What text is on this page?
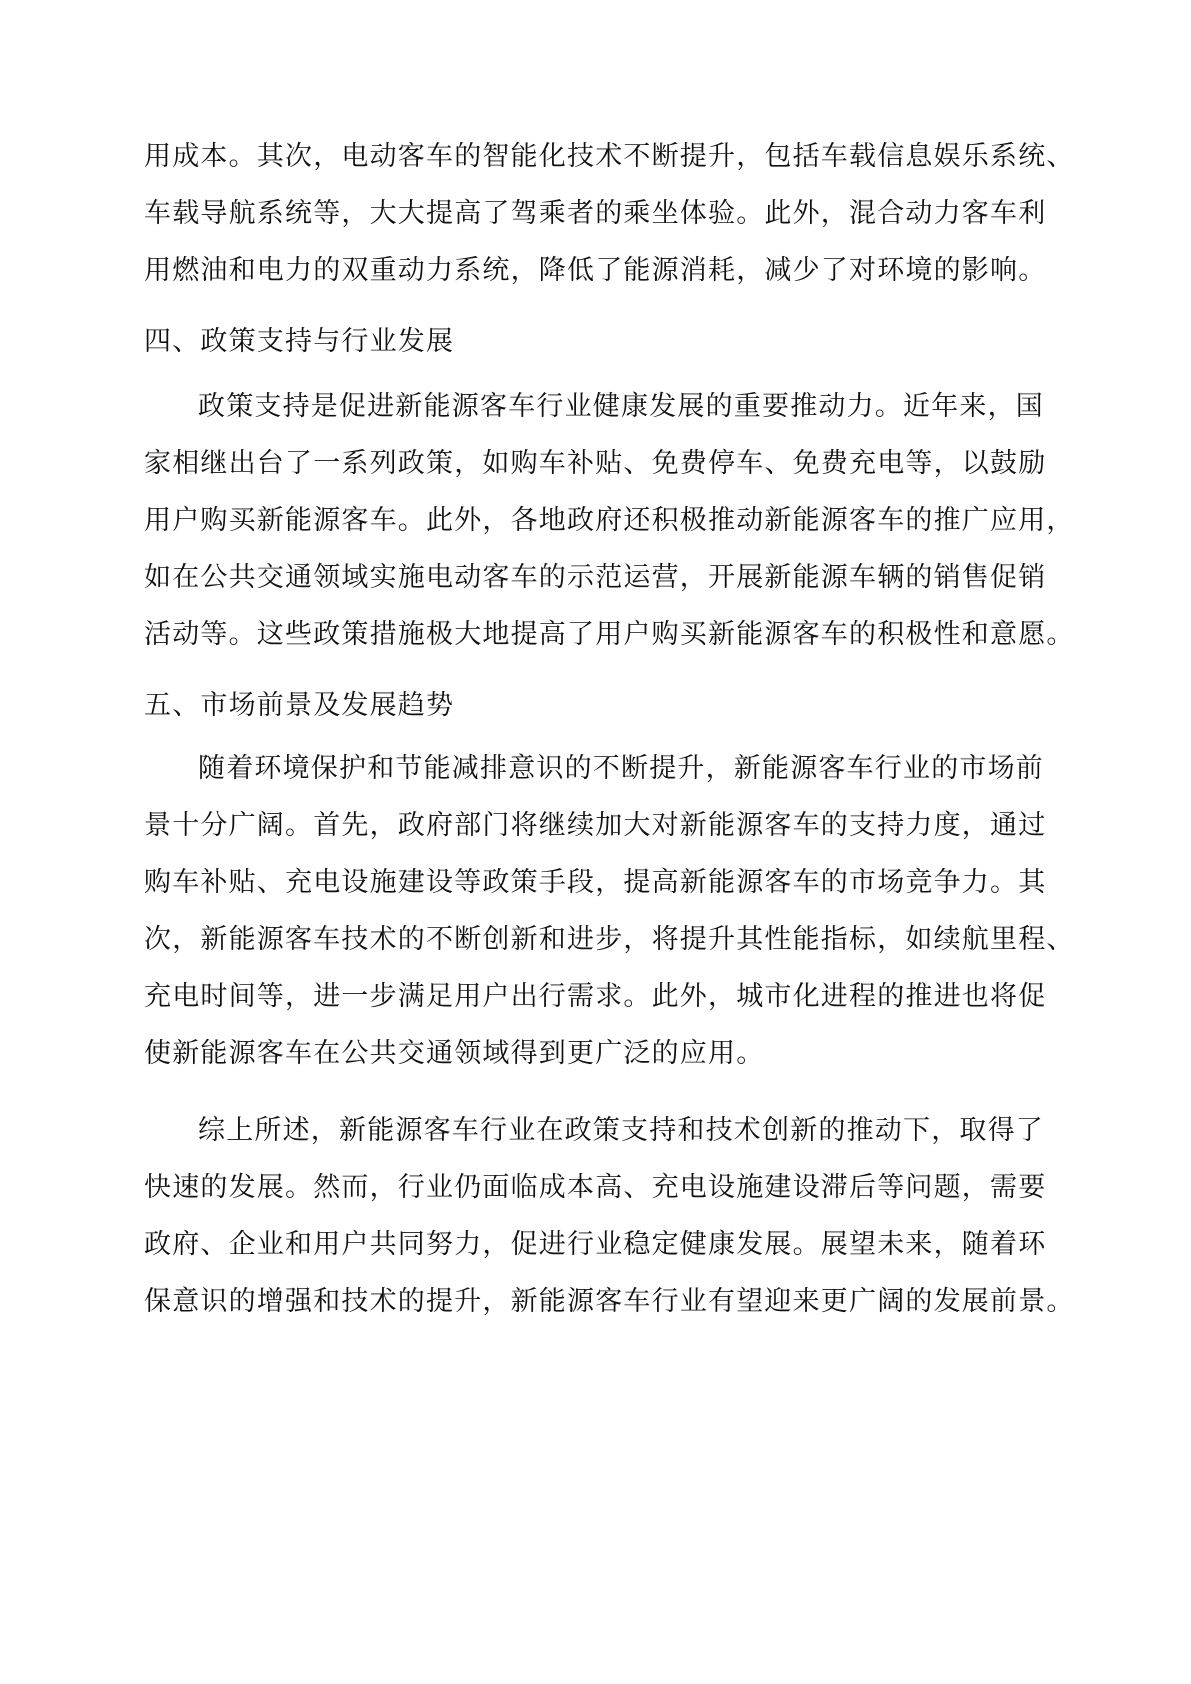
用成本。其次，电动客车的智能化技术不断提升，包括车载信息娱乐系统、
车载导航系统等，大大提高了驾乘者的乘坐体验。此外，混合动力客车利
用燃油和电力的双重动力系统，降低了能源消耗，减少了对环境的影响。
四、政策支持与行业发展
政策支持是促进新能源客车行业健康发展的重要推动力。近年来，国
家相继出台了一系列政策，如购车补贴、免费停车、免费充电等，以鼓励
用户购买新能源客车。此外，各地政府还积极推动新能源客车的推广应用，
如在公共交通领域实施电动客车的示范运营，开展新能源车辆的销售促销
活动等。这些政策措施极大地提高了用户购买新能源客车的积极性和意愿。
五、市场前景及发展趋势
随着环境保护和节能减排意识的不断提升，新能源客车行业的市场前
景十分广阔。首先，政府部门将继续加大对新能源客车的支持力度，通过
购车补贴、充电设施建设等政策手段，提高新能源客车的市场竞争力。其
次，新能源客车技术的不断创新和进步，将提升其性能指标，如续航里程、
充电时间等，进一步满足用户出行需求。此外，城市化进程的推进也将促
使新能源客车在公共交通领域得到更广泛的应用。
综上所述，新能源客车行业在政策支持和技术创新的推动下，取得了
快速的发展。然而，行业仍面临成本高、充电设施建设滞后等问题，需要
政府、企业和用户共同努力，促进行业稳定健康发展。展望未来，随着环
保意识的增强和技术的提升，新能源客车行业有望迎来更广阔的发展前景。
